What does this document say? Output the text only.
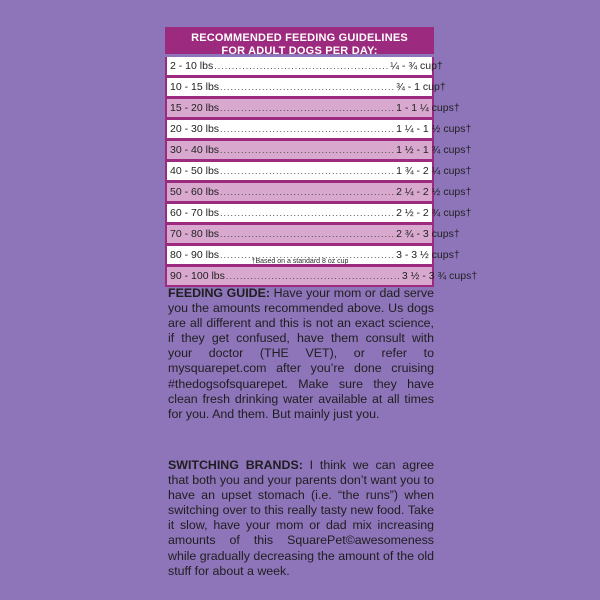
RECOMMENDED FEEDING GUIDELINES
FOR ADULT DOGS PER DAY:
2 - 10 lbs .................................................. ¼ - ¾ cup†
10 - 15 lbs .................................................. ¾ - 1 cup†
15 - 20 lbs .................................................. 1 - 1 ¼ cups†
20 - 30 lbs .................................................. 1 ¼ - 1 ½ cups†
30 - 40 lbs .................................................. 1 ½ - 1 ¾ cups†
40 - 50 lbs .................................................. 1 ¾ - 2 ¼ cups†
50 - 60 lbs .................................................. 2 ¼ - 2 ½ cups†
60 - 70 lbs .................................................. 2 ½ - 2 ¾ cups†
70 - 80 lbs .................................................. 2 ¾ - 3 cups†
80 - 90 lbs .................................................. 3 - 3 ½ cups†
90 - 100 lbs .................................................. 3 ½ - 3 ¾ cups†
†Based on a standard 8 oz cup
FEEDING GUIDE: Have your mom or dad serve you the amounts recommended above. Us dogs are all different and this is not an exact science, if they get confused, have them consult with your doctor (THE VET), or refer to mysquarepet.com after you’re done cruising #thedogsofsquarepet. Make sure they have clean fresh drinking water available at all times for you. And them. But mainly just you.
SWITCHING BRANDS: I think we can agree that both you and your parents don’t want you to have an upset stomach (i.e. “the runs”) when switching over to this really tasty new food. Take it slow, have your mom or dad mix increasing amounts of this SquarePet©awesomeness while gradually decreasing the amount of the old stuff for about a week.
